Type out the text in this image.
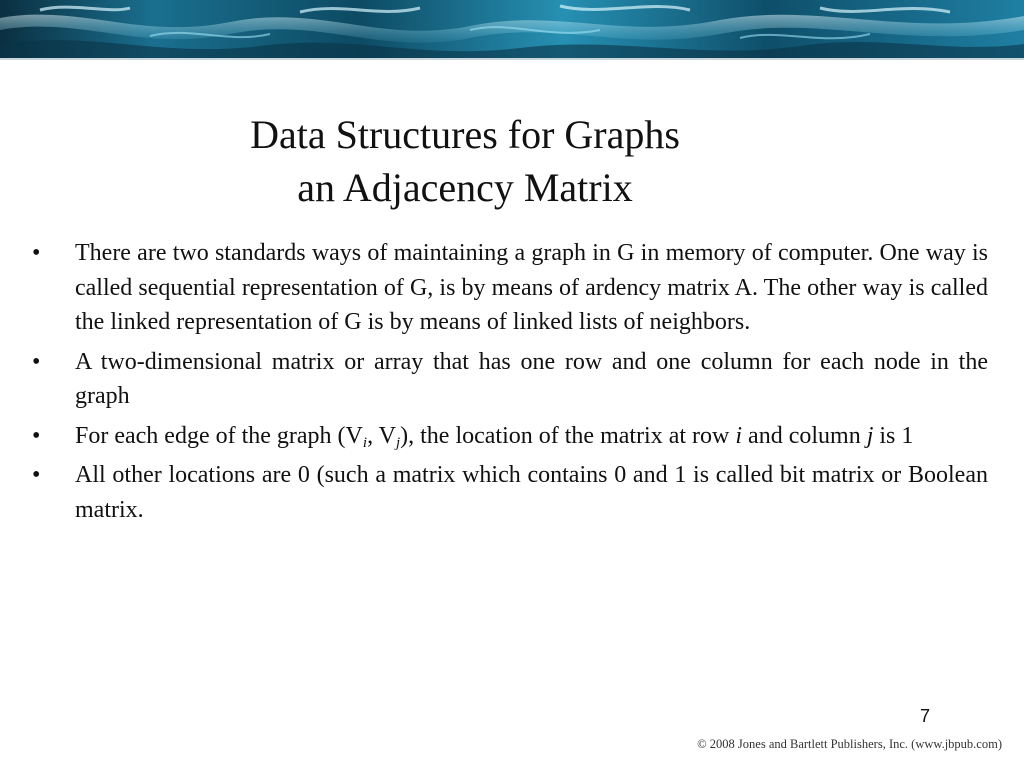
Data Structures for Graphs
an Adjacency Matrix
• There are two standards ways of maintaining a graph in G in memory of computer. One way is called sequential representation of G, is by means of ardency matrix A. The other way is called the linked representation of G is by means of linked lists of neighbors.
• A two-dimensional matrix or array that has one row and one column for each node in the graph
• For each edge of the graph ($V_i$, $V_j$), the location of the matrix at row i and column j is 1
• All other locations are 0 (such a matrix which contains 0 and 1 is called bit matrix or Boolean matrix.
7
© 2008 Jones and Bartlett Publishers, Inc. (www.jbpub.com)
